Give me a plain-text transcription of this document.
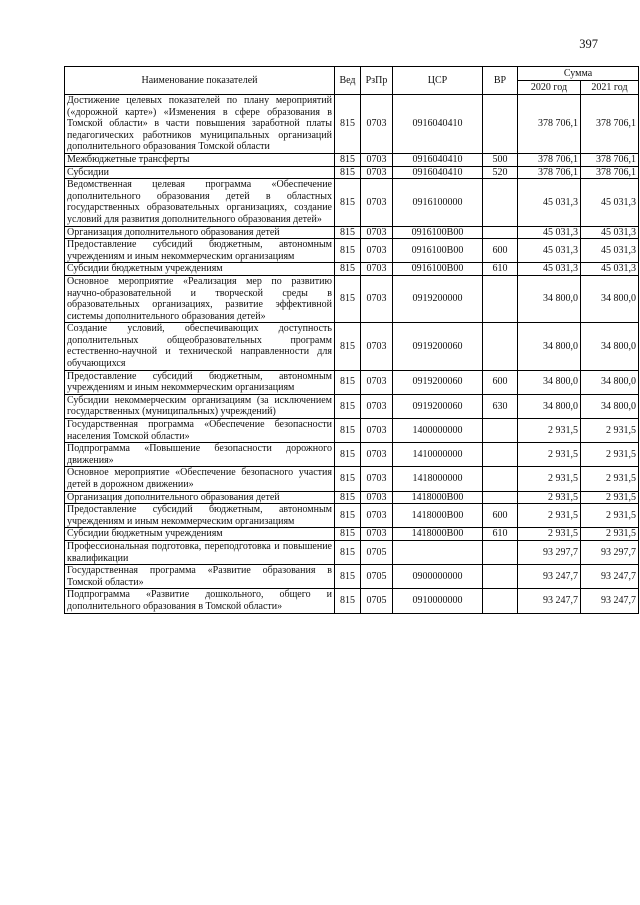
397
Наименование показателей	Вед	РзПр	ЦСР	ВР	Сумма	
					2020 год	2021 год
Достижение целевых показателей по плану мероприятий («дорожной карте») «Изменения в сфере образования в Томской области» в части повышения заработной платы педагогических работников муниципальных организаций дополнительного образования Томской области	815	0703	0916040410		378 706,1	378 706,1
Межбюджетные трансферты	815	0703	0916040410	500	378 706,1	378 706,1
Субсидии	815	0703	0916040410	520	378 706,1	378 706,1
Ведомственная целевая программа «Обеспечение дополнительного образования детей в областных государственных образовательных организациях, создание условий для развития дополнительного образования детей»	815	0703	0916100000		45 031,3	45 031,3
Организация дополнительного образования детей	815	0703	0916100B00		45 031,3	45 031,3
Предоставление субсидий бюджетным, автономным учреждениям и иным некоммерческим организациям	815	0703	0916100B00	600	45 031,3	45 031,3
Субсидии бюджетным учреждениям	815	0703	0916100B00	610	45 031,3	45 031,3
Основное мероприятие «Реализация мер по развитию научно-образовательной и творческой среды в образовательных организациях, развитие эффективной системы дополнительного образования детей»	815	0703	0919200000		34 800,0	34 800,0
Создание условий, обеспечивающих доступность дополнительных общеобразовательных программ естественно-научной и технической направленности для обучающихся	815	0703	0919200060		34 800,0	34 800,0
Предоставление субсидий бюджетным, автономным учреждениям и иным некоммерческим организациям	815	0703	0919200060	600	34 800,0	34 800,0
Субсидии некоммерческим организациям (за исключением государственных (муниципальных) учреждений)	815	0703	0919200060	630	34 800,0	34 800,0
Государственная программа «Обеспечение безопасности населения Томской области»	815	0703	1400000000		2 931,5	2 931,5
Подпрограмма «Повышение безопасности дорожного движения»	815	0703	1410000000		2 931,5	2 931,5
Основное мероприятие «Обеспечение безопасного участия детей в дорожном движении»	815	0703	1418000000		2 931,5	2 931,5
Организация дополнительного образования детей	815	0703	1418000B00		2 931,5	2 931,5
Предоставление субсидий бюджетным, автономным учреждениям и иным некоммерческим организациям	815	0703	1418000B00	600	2 931,5	2 931,5
Субсидии бюджетным учреждениям	815	0703	1418000B00	610	2 931,5	2 931,5
Профессиональная подготовка, переподготовка и повышение квалификации	815	0705			93 297,7	93 297,7
Государственная программа «Развитие образования в Томской области»	815	0705	0900000000		93 247,7	93 247,7
Подпрограмма «Развитие дошкольного, общего и дополнительного образования в Томской области»	815	0705	0910000000		93 247,7	93 247,7
